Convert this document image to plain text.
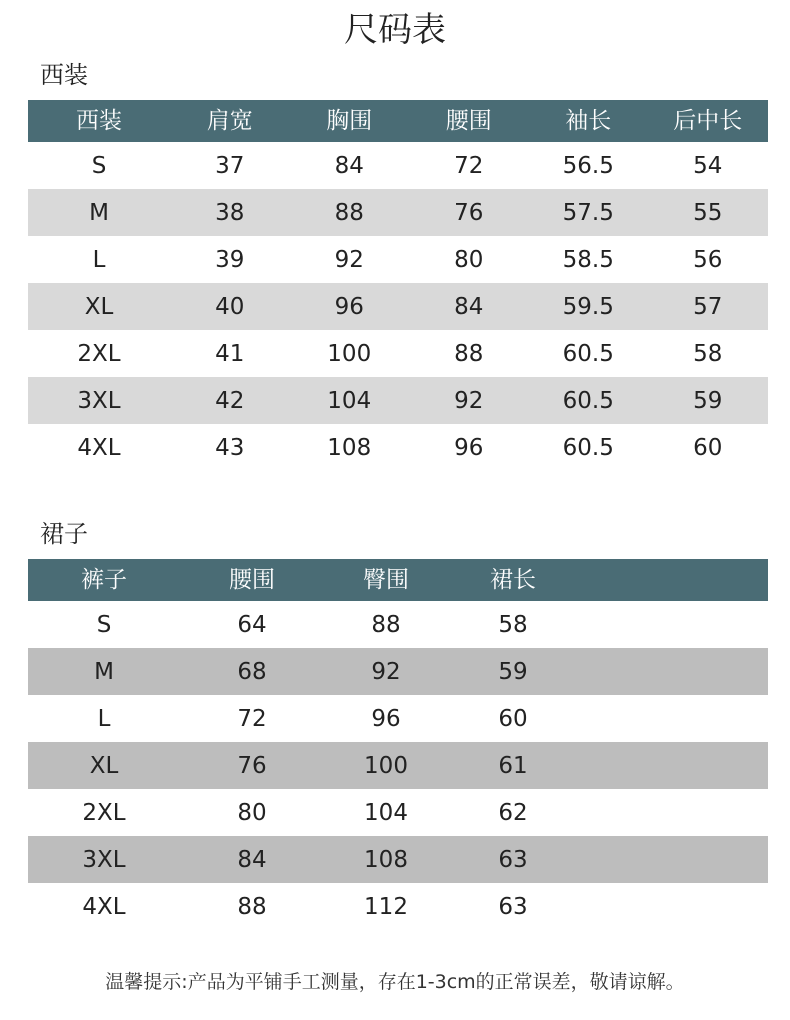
尺码表
西装
西装	肩宽	胸围	腰围	袖长	后中长
S	37	84	72	56.5	54
M	38	88	76	57.5	55
L	39	92	80	58.5	56
XL	40	96	84	59.5	57
2XL	41	100	88	60.5	58
3XL	42	104	92	60.5	59
4XL	43	108	96	60.5	60
裙子
裤子	腰围	臀围	裙长
S	64	88	58
M	68	92	59
L	72	96	60
XL	76	100	61
2XL	80	104	62
3XL	84	108	63
4XL	88	112	63
温馨提示:产品为平铺手工测量，存在1-3cm的正常误差，敬请谅解。
